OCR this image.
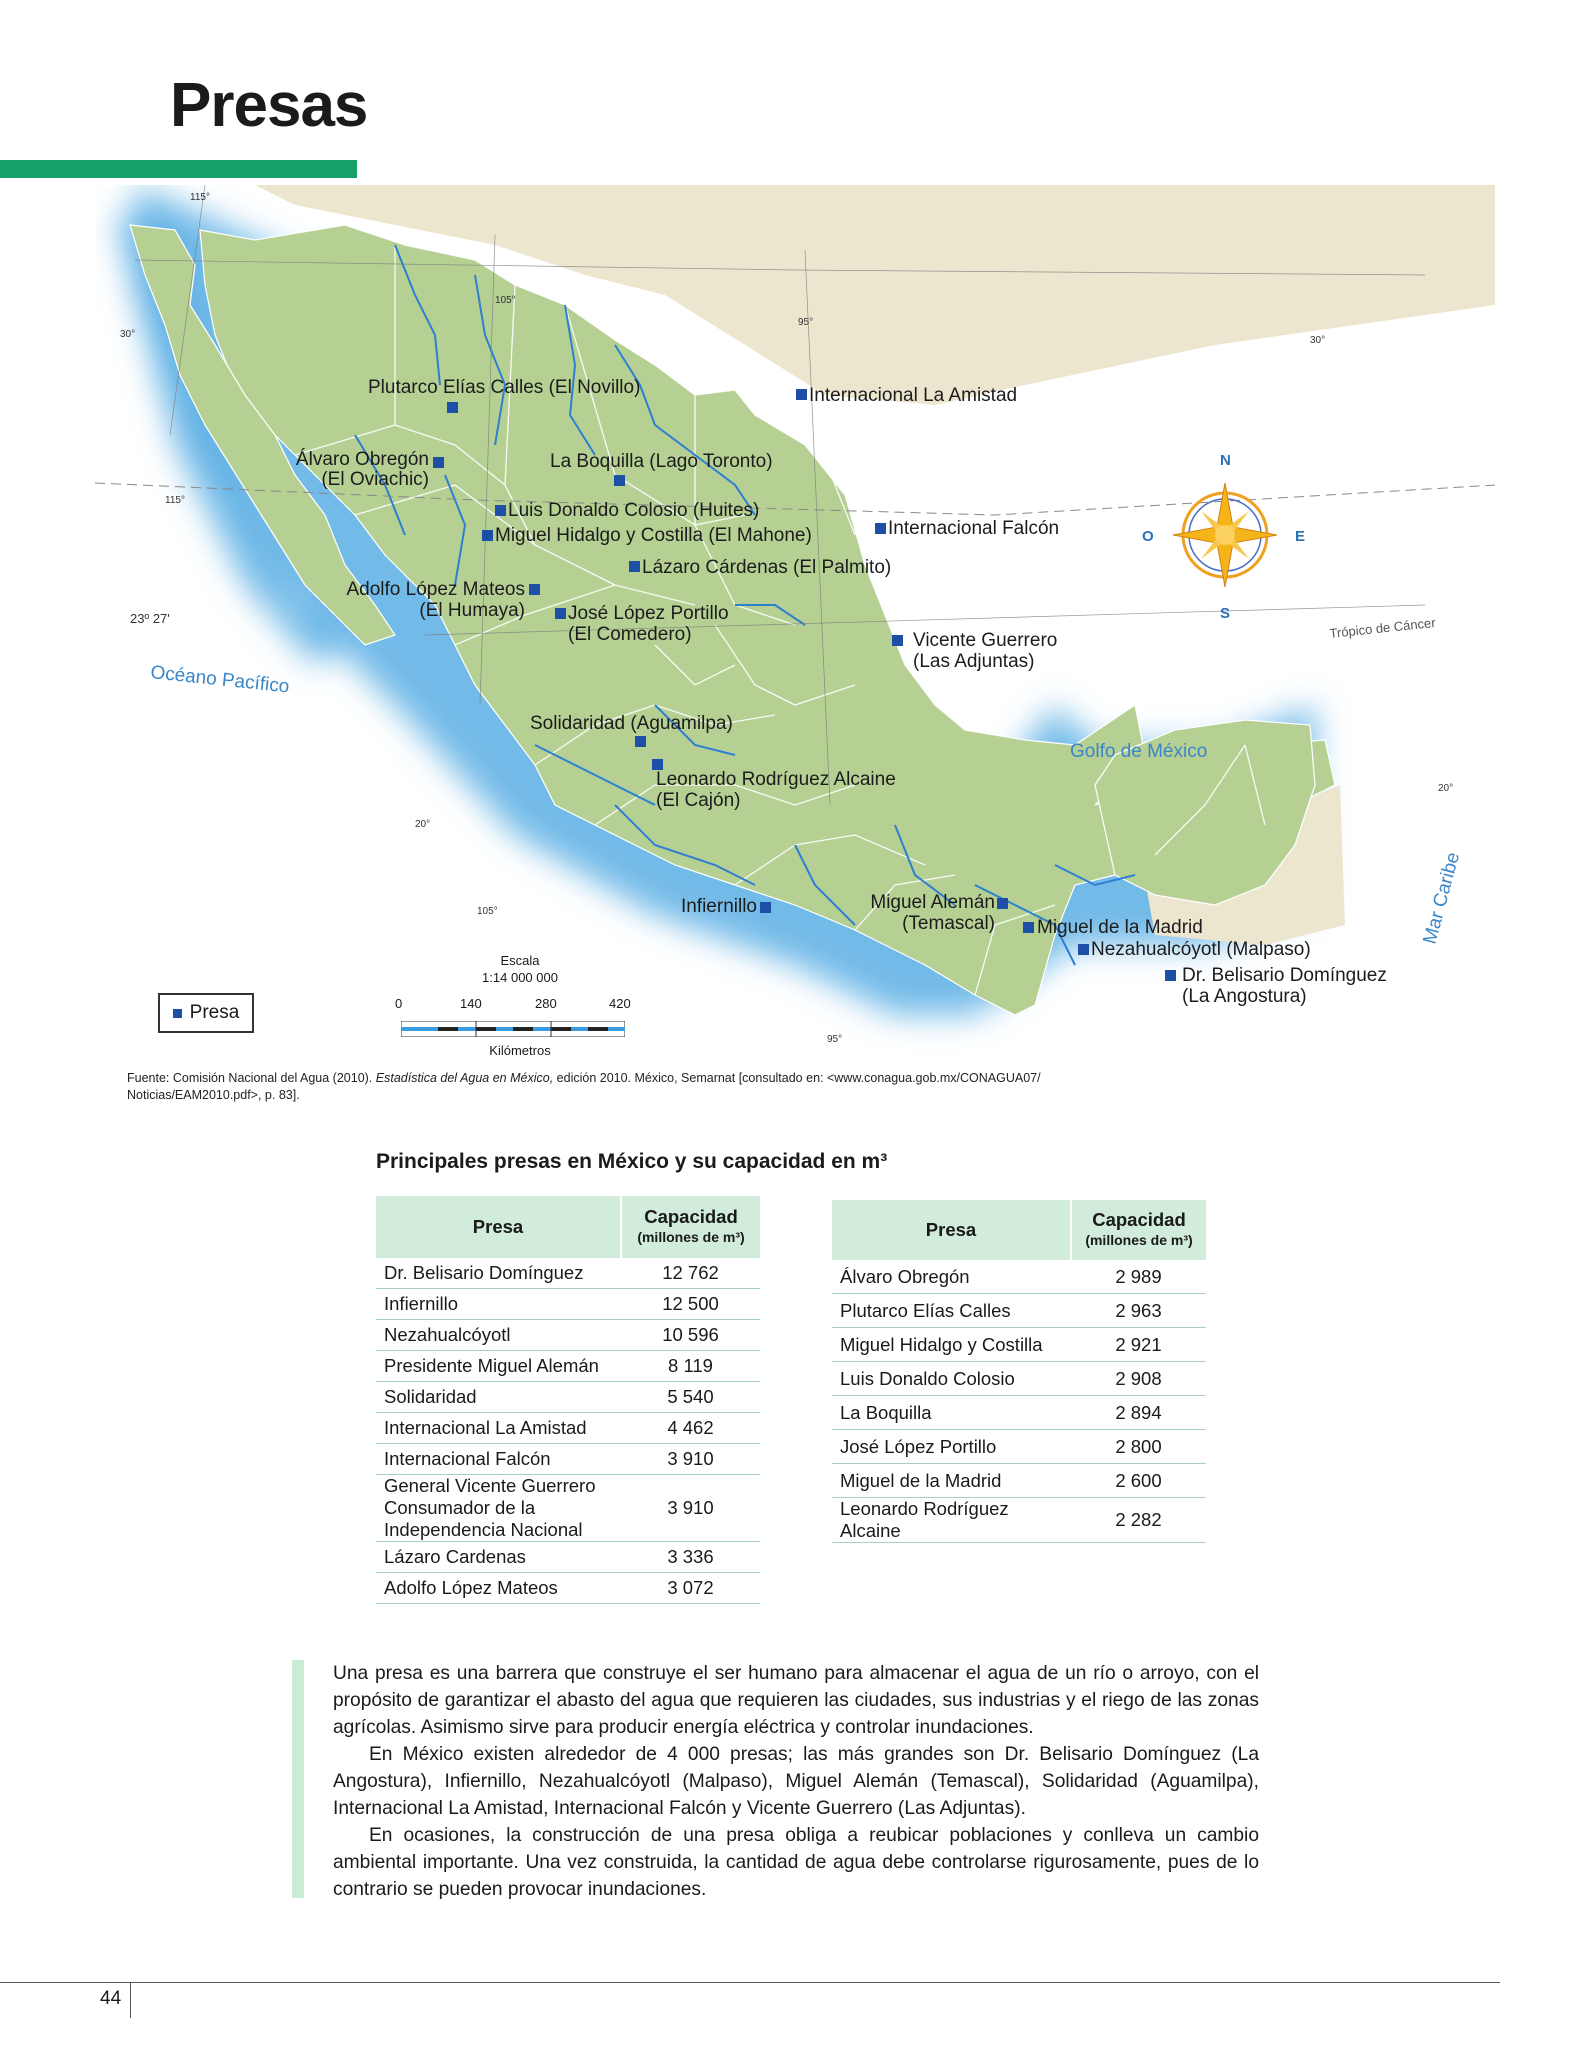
Presas
115°
115°
105°
105°
95°
95°
30°
30°
20°
20°
23º 27'
Océano Pacífico
Golfo de México
Mar Caribe
Trópico de Cáncer
N
S
E
O
Plutarco Elías Calles (El Novillo)	Internacional La Amistad
Álvaro Obregón
(El Oviachic)
La Boquilla (Lago Toronto)
Luis Donaldo Colosio (Huites)
Miguel Hidalgo y Costilla (El Mahone)	Internacional Falcón
Lázaro Cárdenas (El Palmito)
Adolfo López Mateos
(El Humaya) José López Portillo
(El Comedero)	Vicente Guerrero
(Las Adjuntas)
Solidaridad (Aguamilpa)
Leonardo Rodríguez Alcaine
(El Cajón)
Infiernillo	Miguel Alemán
(Temascal) Miguel de la Madrid
Nezahualcóyotl (Malpaso)
Dr. Belisario Domínguez
(La Angostura)
Presa
Escala
1:14 000 000
0	140	280	420
Kilómetros
Fuente: Comisión Nacional del Agua (2010). Estadística del Agua en México, edición 2010. México, Semarnat [consultado en: <www.conagua.gob.mx/CONAGUA07/
Noticias/EAM2010.pdf>, p. 83].
Principales presas en México y su capacidad en m³
Presa	Capacidad
(millones de m³)

Dr. Belisario Domínguez	12 762
Infiernillo	12 500
Nezahualcóyotl	10 596
Presidente Miguel Alemán	8 119
Solidaridad	5 540
Internacional La Amistad	4 462
Internacional Falcón	3 910
General Vicente Guerrero Consumador de la Independencia Nacional	3 910
Lázaro Cardenas	3 336
Adolfo López Mateos	3 072
Presa	Capacidad
(millones de m³)

Álvaro Obregón	2 989
Plutarco Elías Calles	2 963
Miguel Hidalgo y Costilla	2 921
Luis Donaldo Colosio	2 908
La Boquilla	2 894
José López Portillo	2 800
Miguel de la Madrid	2 600
Leonardo Rodríguez Alcaine	2 282

Una presa es una barrera que construye el ser humano para almacenar el agua de un río o arroyo, con el propósito de garantizar el abasto del agua que requieren las ciudades, sus industrias y el riego de las zonas agrícolas. Asimismo sirve para producir energía eléctrica y controlar inundaciones.

En México existen alrededor de 4 000 presas; las más grandes son Dr. Belisario Domínguez (La Angostura), Infiernillo, Nezahualcóyotl (Malpaso), Miguel Alemán (Temascal), Solidaridad (Aguamilpa), Internacional La Amistad, Internacional Falcón y Vicente Guerrero (Las Adjuntas).

En ocasiones, la construcción de una presa obliga a reubicar poblaciones y conlleva un cambio ambiental importante. Una vez construida, la cantidad de agua debe controlarse rigurosamente, pues de lo contrario se pueden provocar inundaciones.

44
